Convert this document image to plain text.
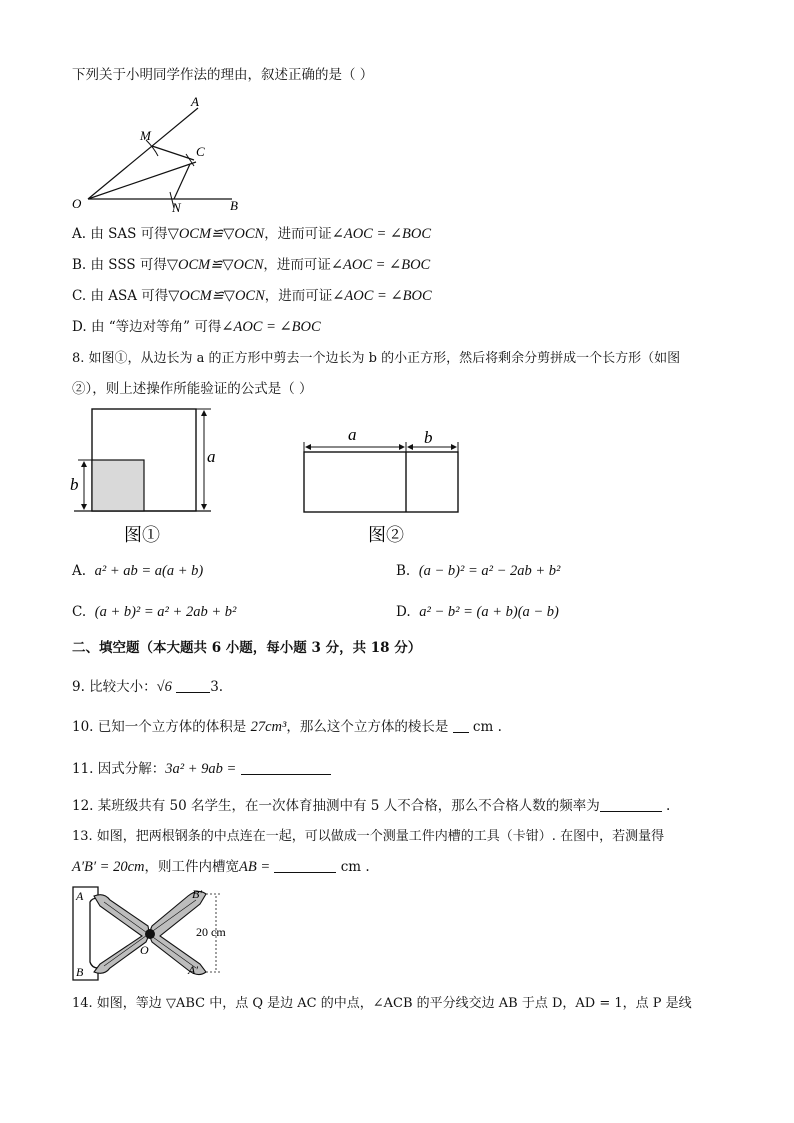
下列关于小明同学作法的理由，叙述正确的是（ ）
A
M
C
O	N	B
A. 由 SAS 可得▽OCM≌▽OCN，进而可证∠AOC = ∠BOC
B. 由 SSS 可得▽OCM≌▽OCN，进而可证∠AOC = ∠BOC
C. 由 ASA 可得▽OCM≌▽OCN，进而可证∠AOC = ∠BOC
D. 由 “等边对等角” 可得∠AOC = ∠BOC
8. 如图①，从边长为 a 的正方形中剪去一个边长为 b 的小正方形，然后将剩余分剪拼成一个长方形（如图
②），则上述操作所能验证的公式是（ ）
a
b
图①
a	b
图②
A. a² + ab = a(a + b)	B. (a − b)² = a² − 2ab + b²
C. (a + b)² = a² + 2ab + b²	D. a² − b² = (a + b)(a − b)
二、填空题（本大题共 6 小题，每小题 3 分，共 18 分）
9. 比较大小：√6	3.
10. 已知一个立方体的体积是 27cm³，那么这个立方体的棱长是 cm .
11. 因式分解：3a² + 9ab =
12. 某班级共有 50 名学生，在一次体育抽测中有 5 人不合格，那么不合格人数的频率为	.
13. 如图，把两根钢条的中点连在一起，可以做成一个测量工件内槽的工具（卡钳）. 在图中，若测量得
A′B′ = 20cm，则工件内槽宽AB =	cm .
A
B
B′
A′
O
20 cm
14. 如图，等边 ▽ABC 中，点 Q 是边 AC 的中点，∠ACB 的平分线交边 AB 于点 D，AD = 1，点 P 是线
